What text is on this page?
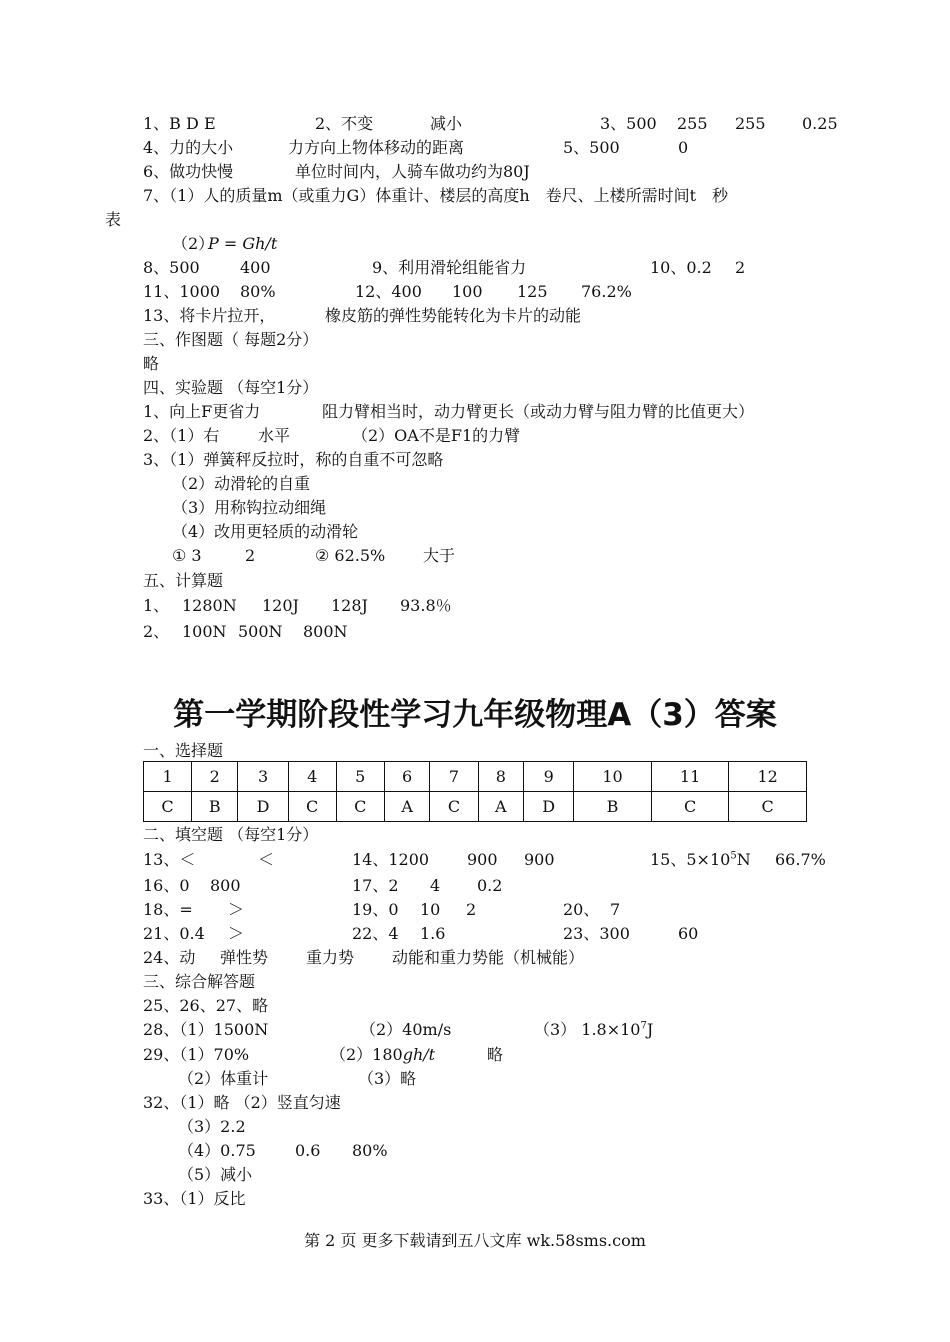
1、B D E	2、不变	减小	3、500 255 255 0.25
4、力的大小	力方向上物体移动的距离	5、500	0
6、做功快慢	单位时间内，人骑车做功约为80J
7、（1）人的质量m（或重力G）体重计、楼层的高度h　卷尺、上楼所需时间t　秒
表
（2）
P = Gh/t
8、500	400	9、利用滑轮组能省力	10、0.2 2
11、1000 80%	12、400 100 125 76.2%
13、将卡片拉开，	橡皮筋的弹性势能转化为卡片的动能
三、作图题（ 每题2分）
略
四、实验题 （每空1分）
1、向上F更省力	阻力臂相当时，动力臂更长（或动力臂与阻力臂的比值更大）
2、（1）右 水平	（2）OA不是F1的力臂
3、（1）弹簧秤反拉时，称的自重不可忽略
（2）动滑轮的自重
（3）用称钩拉动细绳
（4）改用更轻质的动滑轮
① 3	2	② 62.5% 大于
五、计算题
1、 1280N 120J 128J 93.8％
2、 100N 500N 800N
第一学期阶段性学习九年级物理A（3）答案
一、选择题
1	2	3	4	5	6	7	8	9	10	11	12
C	B	D	C	C	A	C	A	D	B	C	C
二、填空题 （每空1分）
13、＜	＜	14、1200 900 900	15、$5\times 10^5N$ 66.7%
16、0 800	17、2 4 0.2
18、= ＞	19、0 10 2	20、 7
21、0.4 ＞	22、4 1.6	23、300	60
24、动 弹性势 重力势 动能和重力势能（机械能）
三、综合解答题
25、26、27、略
28、（1）1500N	（2）40m/s	（3） $1.8\times 10^7J$
29、（1）70%	（2）180gh/t	略
（2）体重计	（3）略
32、（1）略 （2）竖直匀速
（3）2.2
（4）0.75 0.6 80%
（5）减小
33、（1）反比
第 2 页 更多下载请到五八文库 wk.58sms.com
